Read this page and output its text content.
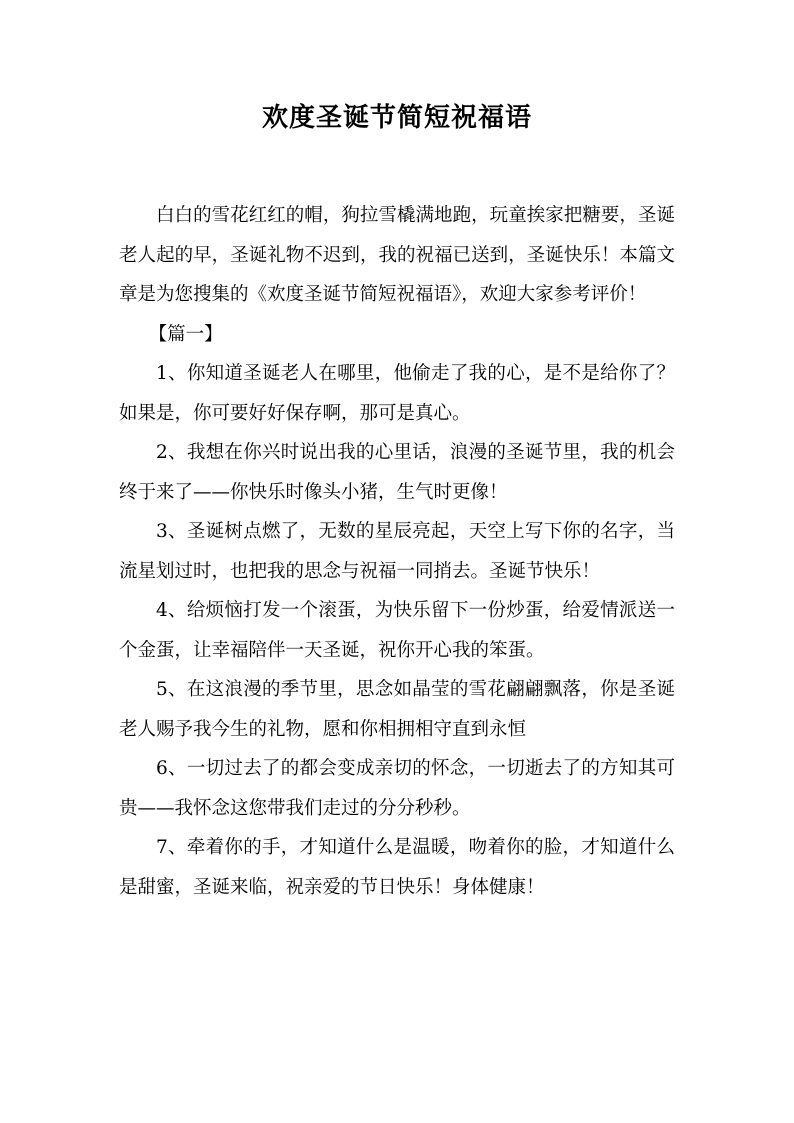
欢度圣诞节简短祝福语

白白的雪花红红的帽，狗拉雪橇满地跑，玩童挨家把糖要，圣诞老人起的早，圣诞礼物不迟到，我的祝福已送到，圣诞快乐！本篇文章是为您搜集的《欢度圣诞节简短祝福语》，欢迎大家参考评价！

【篇一】

1、你知道圣诞老人在哪里，他偷走了我的心，是不是给你了？如果是，你可要好好保存啊，那可是真心。

2、我想在你兴时说出我的心里话，浪漫的圣诞节里，我的机会终于来了——你快乐时像头小猪，生气时更像！

3、圣诞树点燃了，无数的星辰亮起，天空上写下你的名字，当流星划过时，也把我的思念与祝福一同捎去。圣诞节快乐！

4、给烦恼打发一个滚蛋，为快乐留下一份炒蛋，给爱情派送一个金蛋，让幸福陪伴一天圣诞，祝你开心我的笨蛋。

5、在这浪漫的季节里，思念如晶莹的雪花翩翩飘落，你是圣诞老人赐予我今生的礼物，愿和你相拥相守直到永恒

6、一切过去了的都会变成亲切的怀念，一切逝去了的方知其可贵——我怀念这您带我们走过的分分秒秒。

7、牵着你的手，才知道什么是温暖，吻着你的脸，才知道什么是甜蜜，圣诞来临，祝亲爱的节日快乐！身体健康！
